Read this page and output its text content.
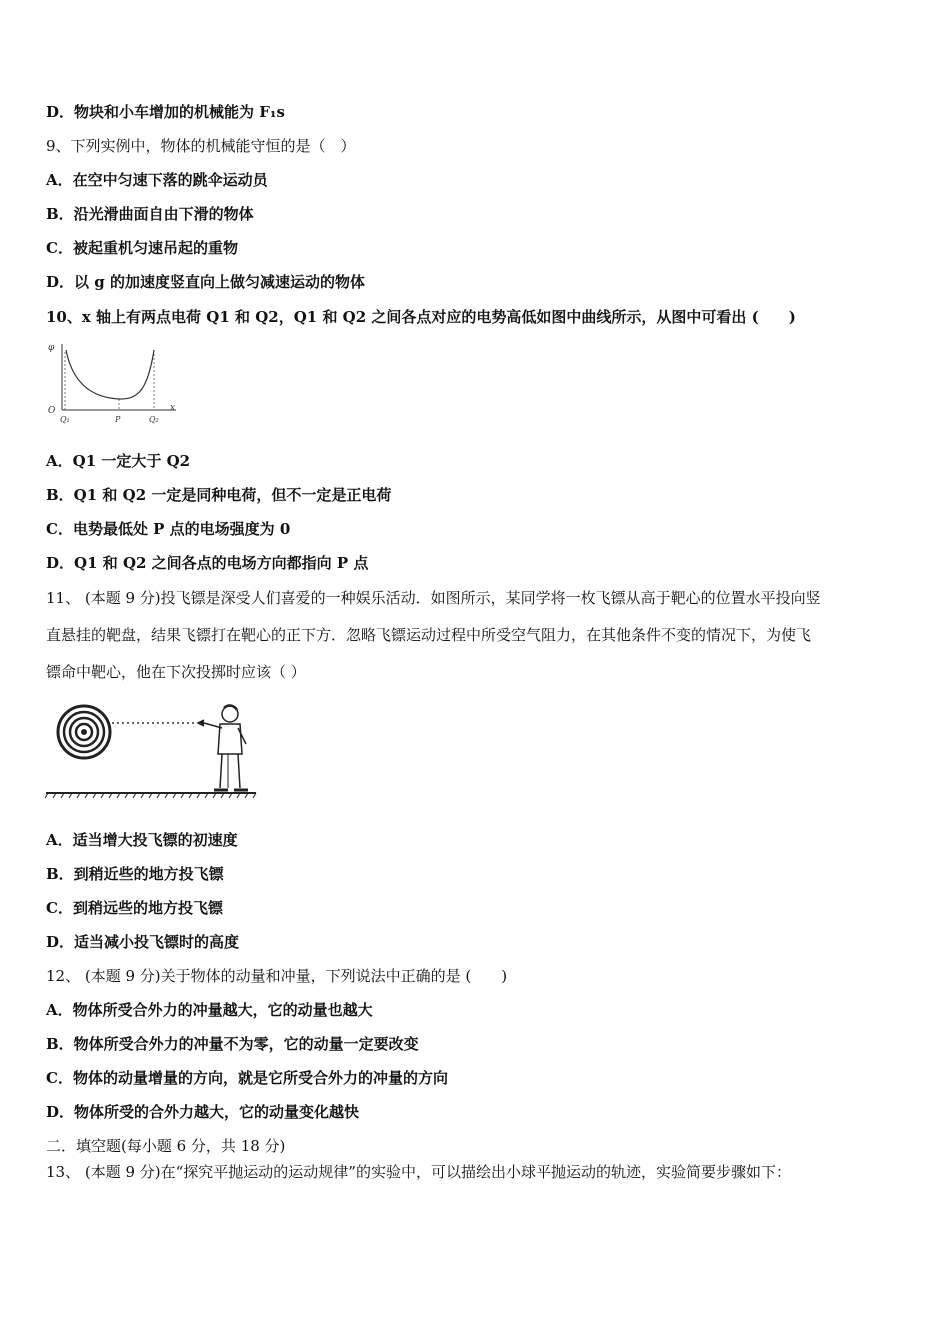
D．物块和小车增加的机械能为 F₁s
9、下列实例中，物体的机械能守恒的是（　）
A．在空中匀速下落的跳伞运动员
B．沿光滑曲面自由下滑的物体
C．被起重机匀速吊起的重物
D．以 g 的加速度竖直向上做匀减速运动的物体
10、x 轴上有两点电荷 Q1 和 Q2，Q1 和 Q2 之间各点对应的电势高低如图中曲线所示，从图中可看出 (　　)
φ
O
Q₁	P	Q₂
x
A．Q1 一定大于 Q2
B．Q1 和 Q2 一定是同种电荷，但不一定是正电荷
C．电势最低处 P 点的电场强度为 0
D．Q1 和 Q2 之间各点的电场方向都指向 P 点
11、 (本题 9 分)投飞镖是深受人们喜爱的一种娱乐活动．如图所示，某同学将一枚飞镖从高于靶心的位置水平投向竖
直悬挂的靶盘，结果飞镖打在靶心的正下方．忽略飞镖运动过程中所受空气阻力，在其他条件不变的情况下，为使飞
镖命中靶心，他在下次投掷时应该（ ）
A．适当增大投飞镖的初速度
B．到稍近些的地方投飞镖
C．到稍远些的地方投飞镖
D．适当减小投飞镖时的高度
12、 (本题 9 分)关于物体的动量和冲量，下列说法中正确的是 (　　)
A．物体所受合外力的冲量越大，它的动量也越大
B．物体所受合外力的冲量不为零，它的动量一定要改变
C．物体的动量增量的方向，就是它所受合外力的冲量的方向
D．物体所受的合外力越大，它的动量变化越快
二．填空题(每小题 6 分，共 18 分)
13、 (本题 9 分)在“探究平抛运动的运动规律”的实验中，可以描绘出小球平抛运动的轨迹，实验简要步骤如下：
